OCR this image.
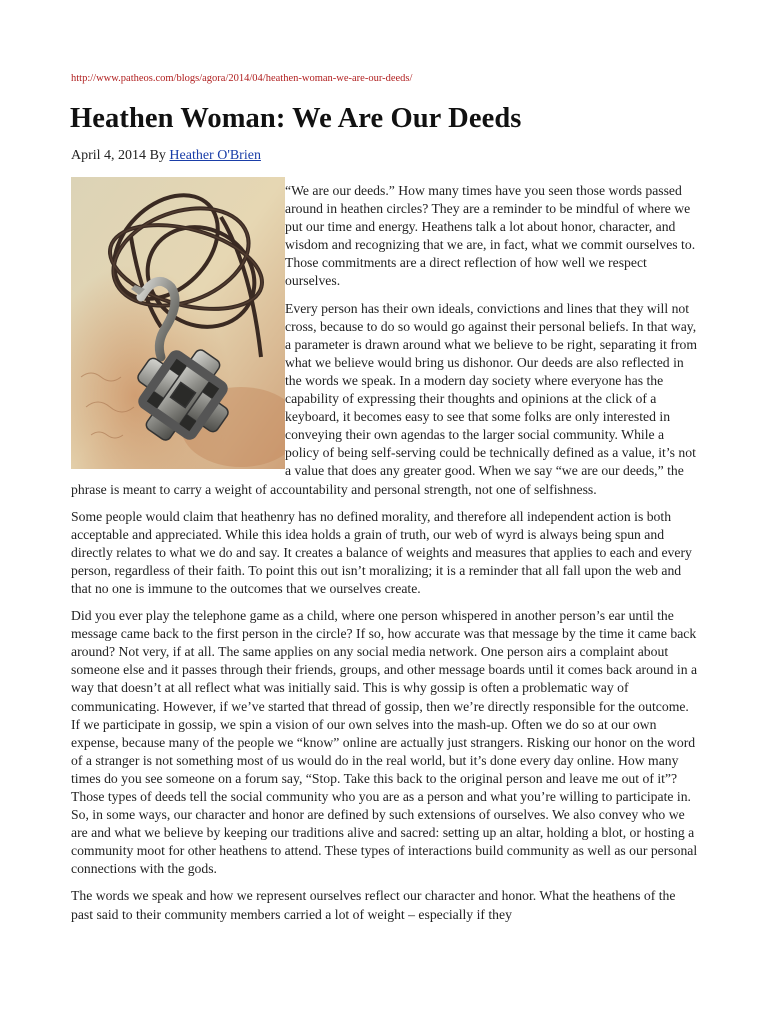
http://www.patheos.com/blogs/agora/2014/04/heathen-woman-we-are-our-deeds/
Heathen Woman: We Are Our Deeds
April 4, 2014 By Heather O'Brien

“We are our deeds.” How many times have you seen those words passed around in heathen circles? They are a reminder to be mindful of where we put our time and energy. Heathens talk a lot about honor, character, and wisdom and recognizing that we are, in fact, what we commit ourselves to. Those commitments are a direct reflection of how well we respect ourselves.

Every person has their own ideals, convictions and lines that they will not cross, because to do so would go against their personal beliefs. In that way, a parameter is drawn around what we believe to be right, separating it from what we believe would bring us dishonor. Our deeds are also reflected in the words we speak. In a modern day society where everyone has the capability of expressing their thoughts and opinions at the click of a keyboard, it becomes easy to see that some folks are only interested in conveying their own agendas to the larger social community. While a policy of being self-serving could be technically defined as a value, it’s not a value that does any greater good. When we say “we are our deeds,” the phrase is meant to carry a weight of accountability and personal strength, not one of selfishness.

Some people would claim that heathenry has no defined morality, and therefore all independent action is both acceptable and appreciated. While this idea holds a grain of truth, our web of wyrd is always being spun and directly relates to what we do and say. It creates a balance of weights and measures that applies to each and every person, regardless of their faith. To point this out isn’t moralizing; it is a reminder that all fall upon the web and that no one is immune to the outcomes that we ourselves create.

Did you ever play the telephone game as a child, where one person whispered in another person’s ear until the message came back to the first person in the circle? If so, how accurate was that message by the time it came back around? Not very, if at all. The same applies on any social media network. One person airs a complaint about someone else and it passes through their friends, groups, and other message boards until it comes back around in a way that doesn’t at all reflect what was initially said. This is why gossip is often a problematic way of communicating. However, if we’ve started that thread of gossip, then we’re directly responsible for the outcome. If we participate in gossip, we spin a vision of our own selves into the mash-up. Often we do so at our own expense, because many of the people we “know” online are actually just strangers. Risking our honor on the word of a stranger is not something most of us would do in the real world, but it’s done every day online. How many times do you see someone on a forum say, “Stop. Take this back to the original person and leave me out of it”? Those types of deeds tell the social community who you are as a person and what you’re willing to participate in. So, in some ways, our character and honor are defined by such extensions of ourselves. We also convey who we are and what we believe by keeping our traditions alive and sacred: setting up an altar, holding a blot, or hosting a community moot for other heathens to attend. These types of interactions build community as well as our personal connections with the gods.

The words we speak and how we represent ourselves reflect our character and honor. What the heathens of the past said to their community members carried a lot of weight – especially if they
